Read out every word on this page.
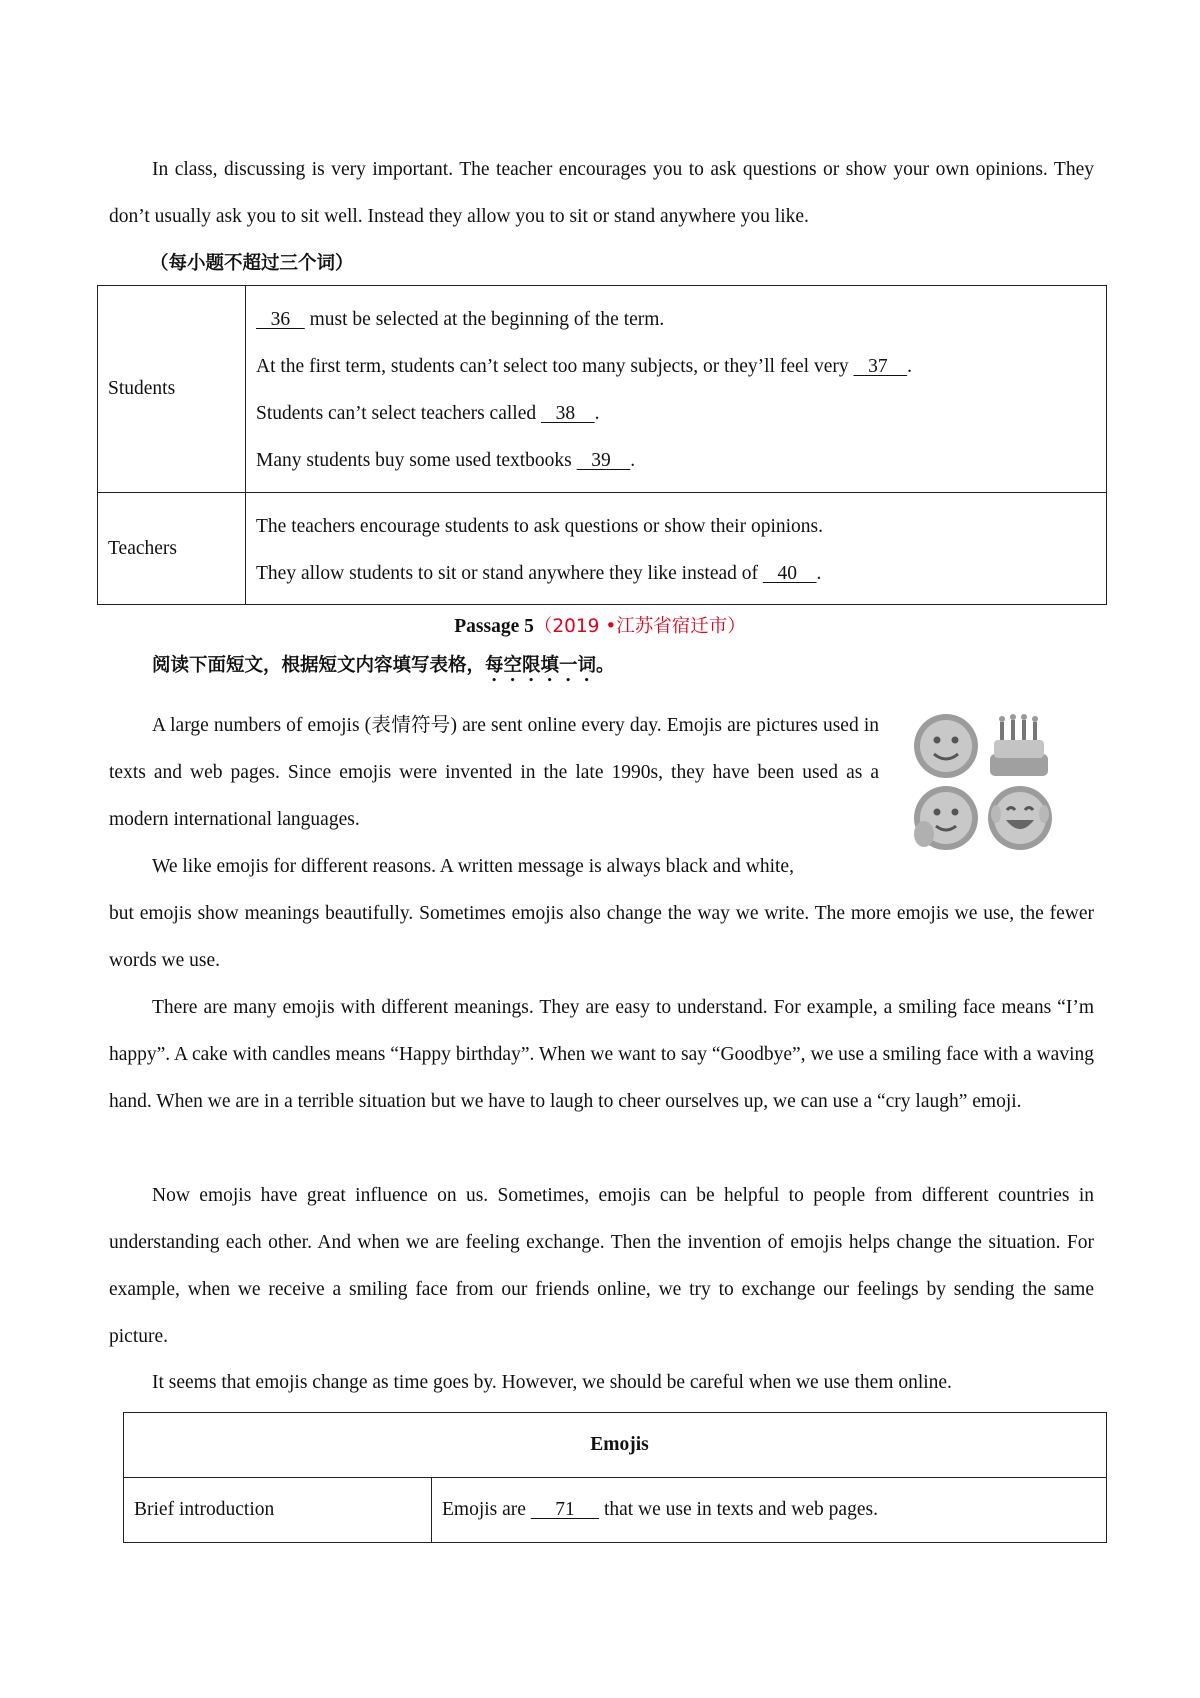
In class, discussing is very important. The teacher encourages you to ask questions or show your own opinions. They don’t usually ask you to sit well. Instead they allow you to sit or stand anywhere you like.

（每小题不超过三个词）

Students	36    must be selected at the beginning of the term.
At the first term, students can’t select too many subjects, or they’ll feel very    37    .
Students can’t select teachers called    38    .
Many students buy some used textbooks    39    .

Teachers	The teachers encourage students to ask questions or show their opinions.
They allow students to sit or stand anywhere they like instead of    40    .
Passage 5（2019 •江苏省宿迁市）

阅读下面短文，根据短文内容填写表格，每空限填一词。

A large numbers of emojis (表情符号) are sent online every day. Emojis are pictures used in texts and web pages. Since emojis were invented in the late 1990s, they have been used as a modern international languages.

We like emojis for different reasons. A written message is always black and white,

but emojis show meanings beautifully. Sometimes emojis also change the way we write. The more emojis we use, the fewer words we use.

There are many emojis with different meanings. They are easy to understand. For example, a smiling face means “I’m happy”. A cake with candles means “Happy birthday”. When we want to say “Goodbye”, we use a smiling face with a waving hand. When we are in a terrible situation but we have to laugh to cheer ourselves up, we can use a “cry laugh” emoji.

Now emojis have great influence on us. Sometimes, emojis can be helpful to people from different countries in understanding each other. And when we are feeling exchange. Then the invention of emojis helps change the situation. For example, when we receive a smiling face from our friends online, we try to exchange our feelings by sending the same picture.

It seems that emojis change as time goes by. However, we should be careful when we use them online.

Emojis
Brief introduction	Emojis are      71      that we use in texts and web pages.
